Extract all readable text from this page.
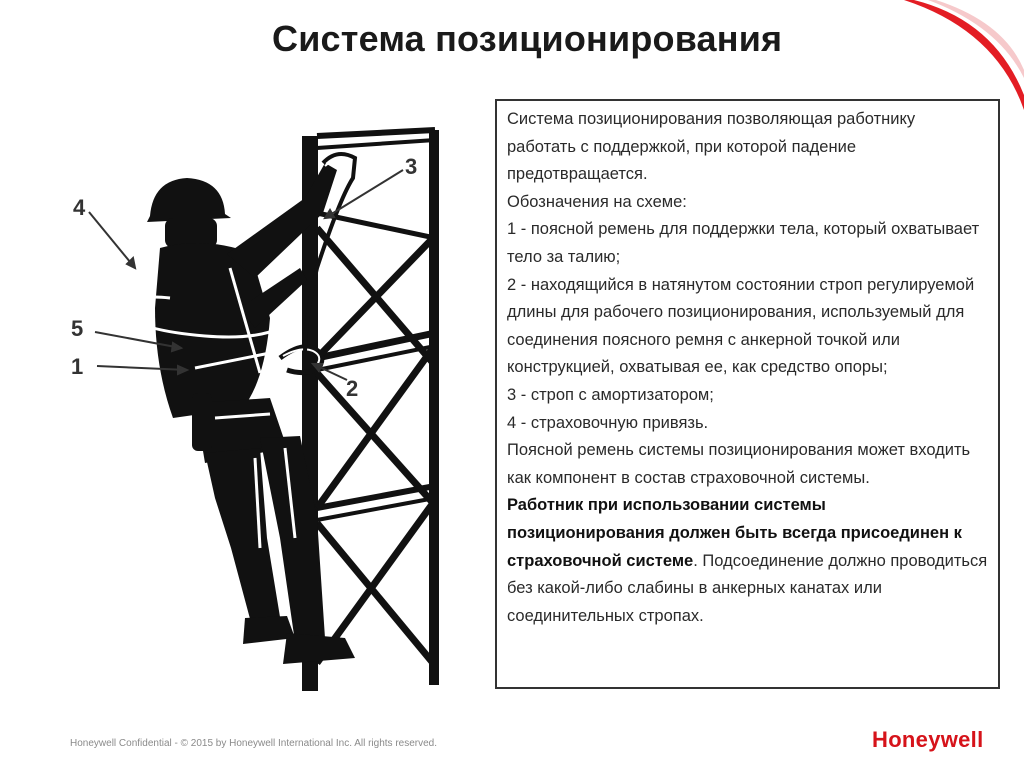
Система позиционирования
4
5
1
3
2

Система позиционирования позволяющая работнику работать с поддержкой, при которой падение предотвращается.

Обозначения на схеме:

1 - поясной ремень для поддержки тела, который охватывает тело за талию;

2 - находящийся в натянутом состоянии строп регулируемой длины для рабочего позиционирования, используемый для соединения поясного ремня с анкерной точкой или конструкцией, охватывая ее, как средство опоры;

3 - строп с амортизатором;

4 - страховочную привязь.

Поясной ремень системы позиционирования может входить как компонент в состав страховочной системы.

Работник при использовании системы позиционирования должен быть всегда присоединен к страховочной системе. Подсоединение должно проводиться без какой-либо слабины в анкерных канатах или соединительных стропах.

Honeywell Confidential - © 2015 by Honeywell International Inc. All rights reserved.	Honeywell
